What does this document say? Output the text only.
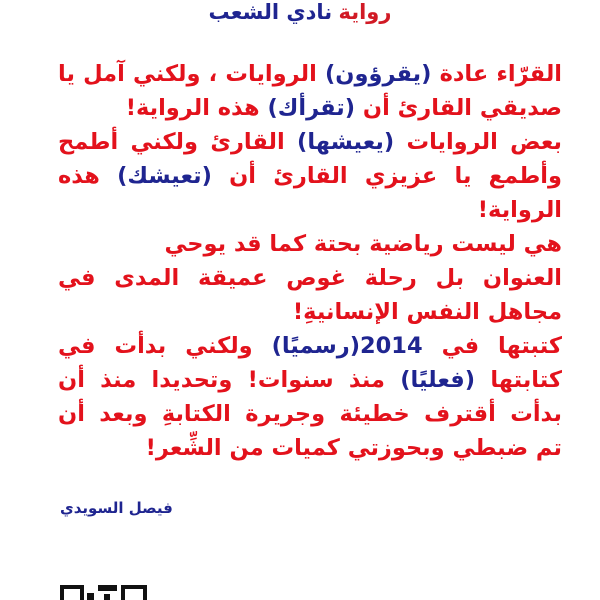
روايةنادي الشعب
القرّاء عادة (يقرؤون) الروايات ، ولكني آمل يا
صديقي القارئ أن (تقرأك) هذه الرواية!
بعض الروايات (يعيشها) القارئ ولكني أطمح
وأطمع يا عزيزي القارئ أن (تعيشك) هذه
الرواية!
هي ليست رياضية بحتة كما قد يوحي
العنوان بل رحلة غوص عميقة المدى في
مجاهل النفس الإنسانيةِ!
كتبتها في 2014(رسميًا) ولكني بدأت في
كتابتها (فعليًا) منذ سنوات! وتحديدا منذ أن
بدأت أقترف خطيئة وجريرة الكتابةِ وبعد أن
تم ضبطي وبحوزتي كميات من الشِّعر!
فيصل السويدي
